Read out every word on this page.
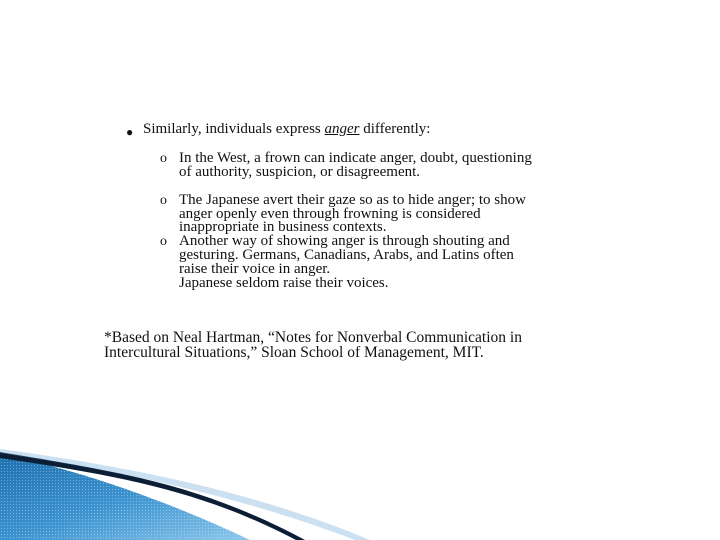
● Similarly, individuals express anger differently:
o In the West, a frown can indicate anger, doubt, questioning
of authority, suspicion, or disagreement.
o The Japanese avert their gaze so as to hide anger; to show
anger openly even through frowning is considered
inappropriate in business contexts.
o Another way of showing anger is through shouting and
gesturing. Germans, Canadians, Arabs, and Latins often
raise their voice in anger.
Japanese seldom raise their voices.
*Based on Neal Hartman, “Notes for Nonverbal Communication in
Intercultural Situations,” Sloan School of Management, MIT.
